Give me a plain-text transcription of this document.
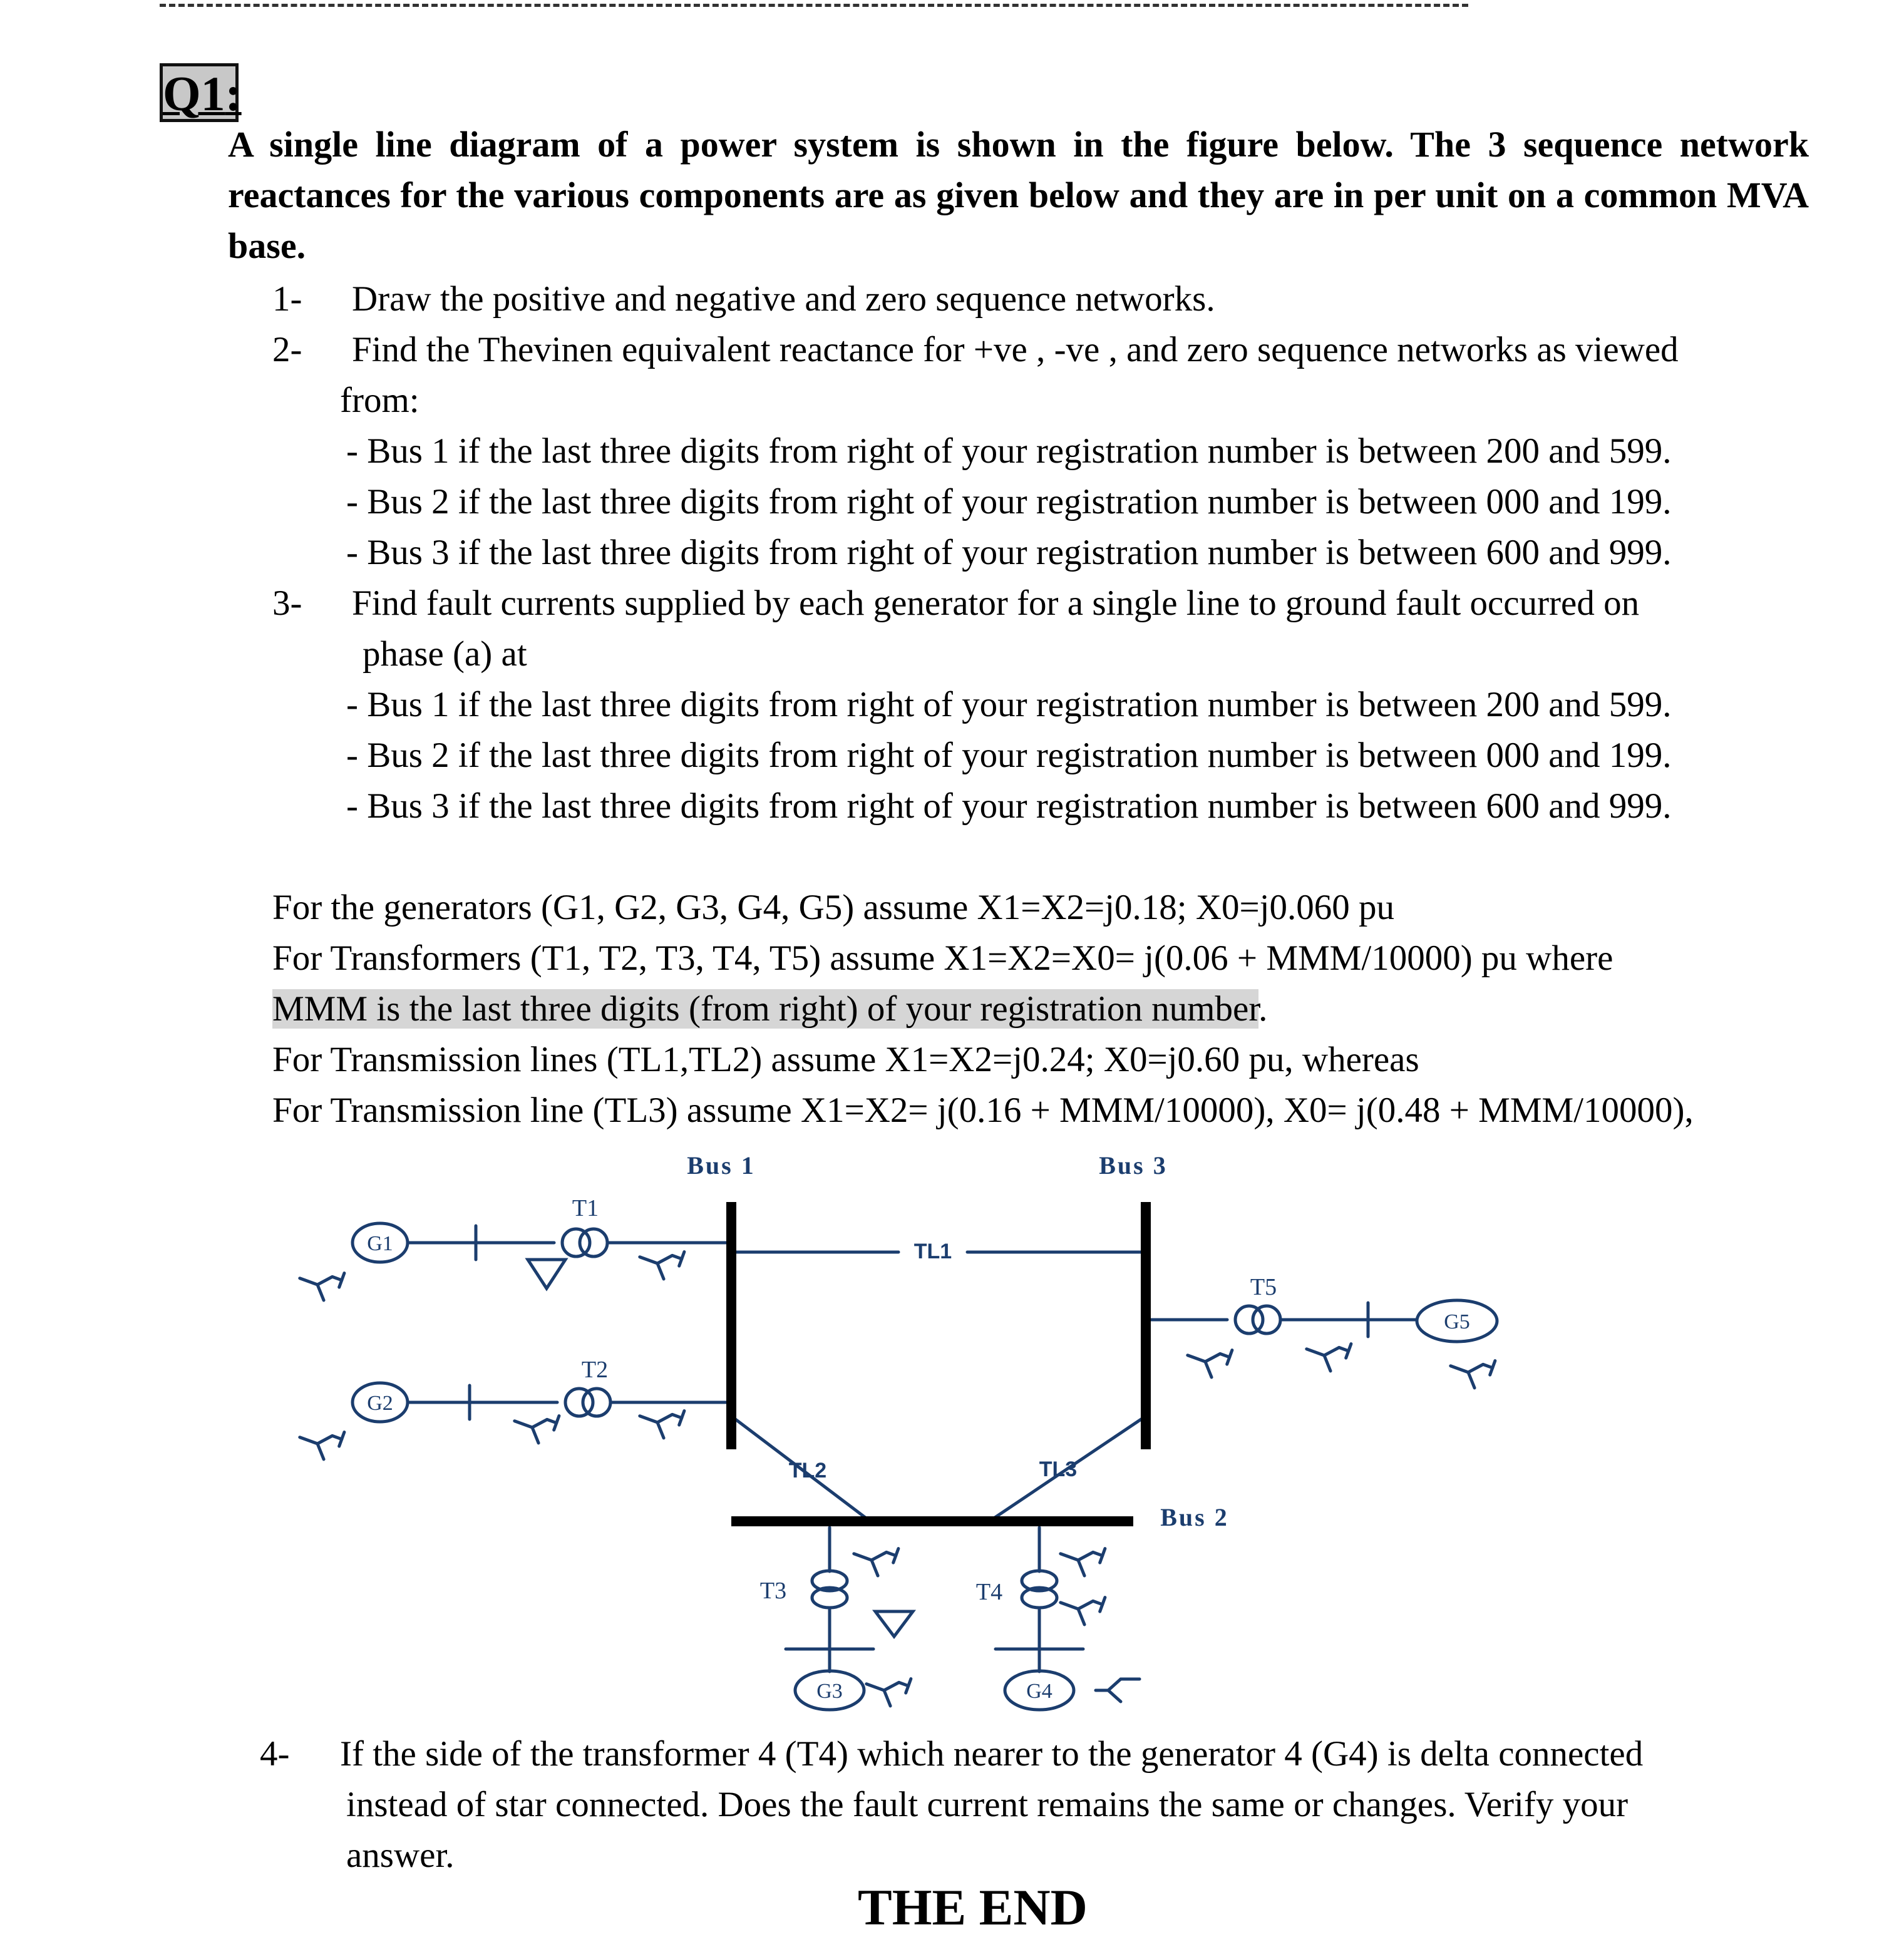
Q1:
A single line diagram of a power system is shown in the figure below. The 3 sequence network reactances for the various components are as given below and they are in per unit on a common MVA base.
1- Draw the positive and negative and zero sequence networks.
2- Find the Thevinen equivalent reactance for +ve , -ve , and zero sequence networks as viewed
from:
- Bus 1 if the last three digits from right of your registration number is between 200 and 599.
- Bus 2 if the last three digits from right of your registration number is between 000 and 199.
- Bus 3 if the last three digits from right of your registration number is between 600 and 999.
3- Find fault currents supplied by each generator for a single line to ground fault occurred on
phase (a) at
- Bus 1 if the last three digits from right of your registration number is between 200 and 599.
- Bus 2 if the last three digits from right of your registration number is between 000 and 199.
- Bus 3 if the last three digits from right of your registration number is between 600 and 999.
For the generators (G1, G2, G3, G4, G5) assume X1=X2=j0.18; X0=j0.060 pu
For Transformers (T1, T2, T3, T4, T5) assume X1=X2=X0= j(0.06 + MMM/10000) pu where
MMM is the last three digits (from right) of your registration number.
For Transmission lines (TL1,TL2) assume X1=X2=j0.24; X0=j0.60 pu, whereas
For Transmission line (TL3) assume X1=X2= j(0.16 + MMM/10000), X0= j(0.48 + MMM/10000),
Bus 1	Bus 3
Bus 2
G1
G2
G3	G4
G5
T1
T2
T3	T4
T5
TL1
TL2	TL3
4- If the side of the transformer 4 (T4) which nearer to the generator 4 (G4) is delta connected
instead of star connected. Does the fault current remains the same or changes. Verify your
answer.
THE END
